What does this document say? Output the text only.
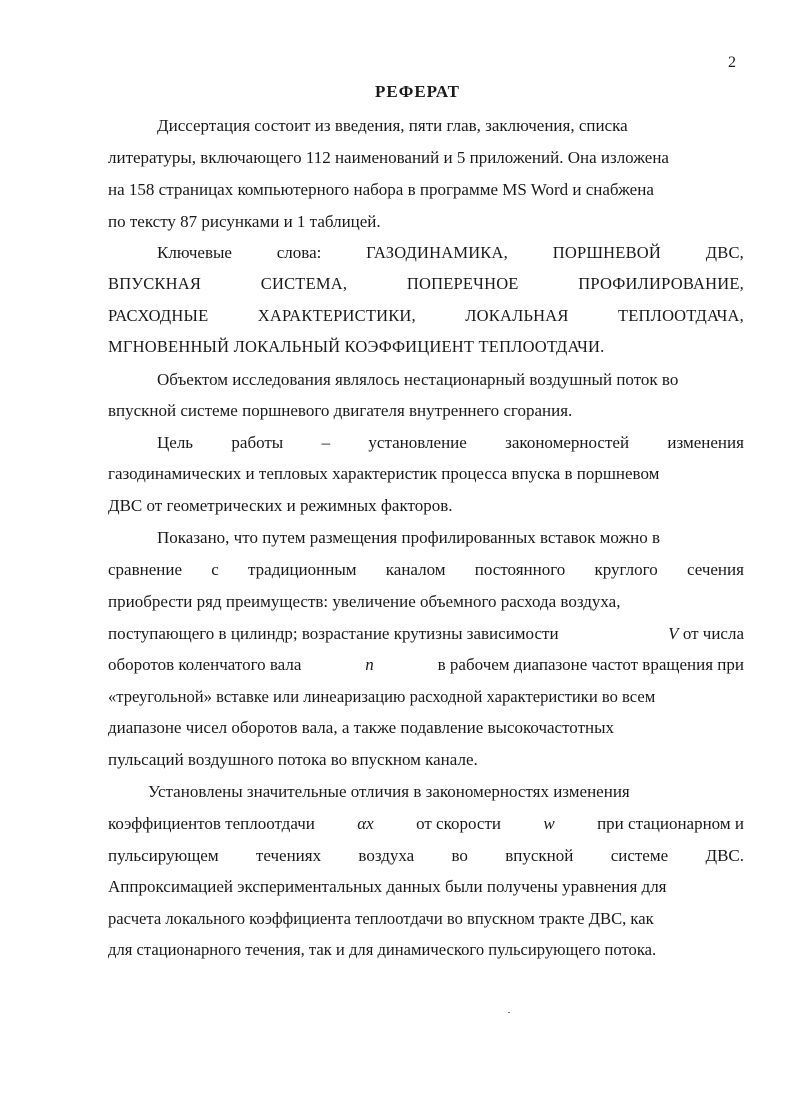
2
РЕФЕРАТ
Диссертация состоит из введения, пяти глав, заключения, списка
литературы, включающего 112 наименований и 5 приложений. Она изложена
на 158 страницах компьютерного набора в программе MS Word и снабжена
по тексту 87 рисунками и 1 таблицей.
Ключевые	слова:	ГАЗОДИНАМИКА,	ПОРШНЕВОЙ	ДВС,
ВПУСКНАЯ	СИСТЕМА,	ПОПЕРЕЧНОЕ	ПРОФИЛИРОВАНИЕ,
РАСХОДНЫЕ	ХАРАКТЕРИСТИКИ,	ЛОКАЛЬНАЯ	ТЕПЛООТДАЧА,
МГНОВЕННЫЙ ЛОКАЛЬНЫЙ КОЭФФИЦИЕНТ ТЕПЛООТДАЧИ.
Объектом исследования являлось нестационарный воздушный поток во
впускной системе поршневого двигателя внутреннего сгорания.
Цель работы – установление закономерностей изменения
газодинамических и тепловых характеристик процесса впуска в поршневом
ДВС от геометрических и режимных факторов.
Показано, что путем размещения профилированных вставок можно в
сравнение с традиционным каналом постоянного круглого сечения
приобрести ряд преимуществ: увеличение объемного расхода воздуха,
поступающего в цилиндр; возрастание крутизны зависимости	V от числа
оборотов коленчатого вала	n	в рабочем диапазоне частот вращения при
«треугольной» вставке или линеаризацию расходной характеристики во всем
диапазоне чисел оборотов вала, а также подавление высокочастотных
пульсаций воздушного потока во впускном канале.
Установлены значительные отличия в закономерностях изменения
коэффициентов теплоотдачи αx от скорости w при стационарном и
пульсирующем течениях воздуха во впускной системе ДВС.
Аппроксимацией экспериментальных данных были получены уравнения для
расчета локального коэффициента теплоотдачи во впускном тракте ДВС, как
для стационарного течения, так и для динамического пульсирующего потока.
